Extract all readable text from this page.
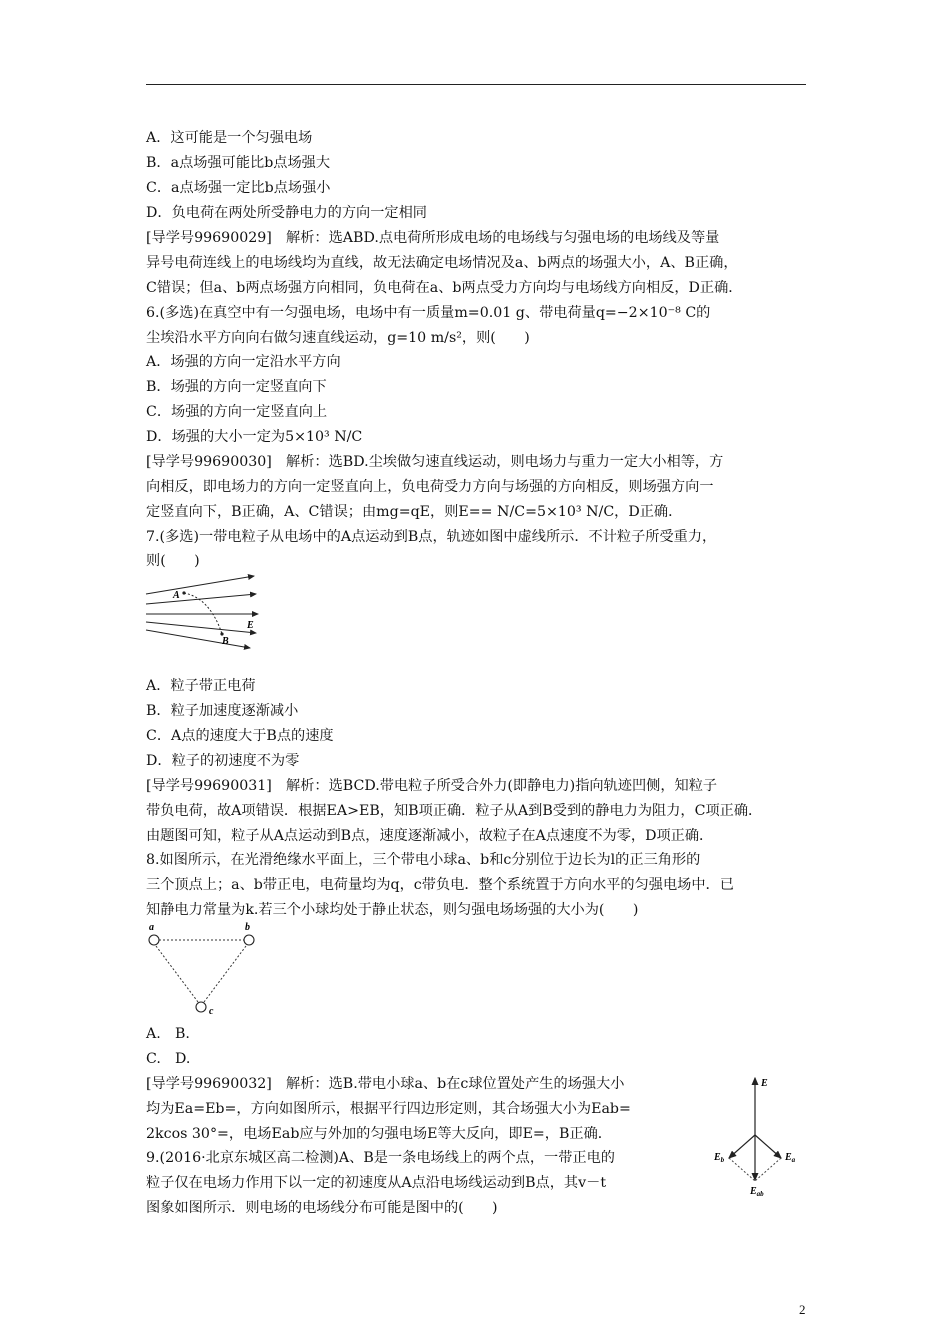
A．这可能是一个匀强电场
B．a点场强可能比b点场强大
C．a点场强一定比b点场强小
D．负电荷在两处所受静电力的方向一定相同
[导学号99690029]　解析：选ABD.点电荷所形成电场的电场线与匀强电场的电场线及等量
异号电荷连线上的电场线均为直线，故无法确定电场情况及a、b两点的场强大小，A、B正确，
C错误；但a、b两点场强方向相同，负电荷在a、b两点受力方向均与电场线方向相反，D正确．
6.(多选)在真空中有一匀强电场，电场中有一质量m=0.01 g、带电荷量q=−2×10⁻⁸ C的
尘埃沿水平方向向右做匀速直线运动，g=10 m/s²，则(　　)
A．场强的方向一定沿水平方向
B．场强的方向一定竖直向下
C．场强的方向一定竖直向上
D．场强的大小一定为5×10³ N/C
[导学号99690030]　解析：选BD.尘埃做匀速直线运动，则电场力与重力一定大小相等，方
向相反，即电场力的方向一定竖直向上，负电荷受力方向与场强的方向相反，则场强方向一
定竖直向下，B正确，A、C错误；由mg=qE，则E== N/C=5×10³ N/C，D正确．
7.(多选)一带电粒子从电场中的A点运动到B点，轨迹如图中虚线所示．不计粒子所受重力，
则(　　)
A
B
E
A．粒子带正电荷
B．粒子加速度逐渐减小
C．A点的速度大于B点的速度
D．粒子的初速度不为零
[导学号99690031]　解析：选BCD.带电粒子所受合外力(即静电力)指向轨迹凹侧，知粒子
带负电荷，故A项错误．根据EA>EB，知B项正确．粒子从A到B受到的静电力为阻力，C项正确．
由题图可知，粒子从A点运动到B点，速度逐渐减小，故粒子在A点速度不为零，D项正确．
8.如图所示，在光滑绝缘水平面上，三个带电小球a、b和c分别位于边长为l的正三角形的
三个顶点上；a、b带正电，电荷量均为q，c带负电．整个系统置于方向水平的匀强电场中．已
知静电力常量为k.若三个小球均处于静止状态，则匀强电场场强的大小为(　　)
a	b
c
A.　B.
C.　D.
[导学号99690032]　解析：选B.带电小球a、b在c球位置处产生的场强大小
均为Ea=Eb=，方向如图所示，根据平行四边形定则，其合场强大小为Eab=
2kcos 30°=，电场Eab应与外加的匀强电场E等大反向，即E=，B正确．
9.(2016·北京东城区高二检测)A、B是一条电场线上的两个点，一带正电的
粒子仅在电场力作用下以一定的初速度从A点沿电场线运动到B点，其v－t
图象如图所示．则电场的电场线分布可能是图中的(　　)
E
$E_b$	$E_a$
$E_{ab}$
2
